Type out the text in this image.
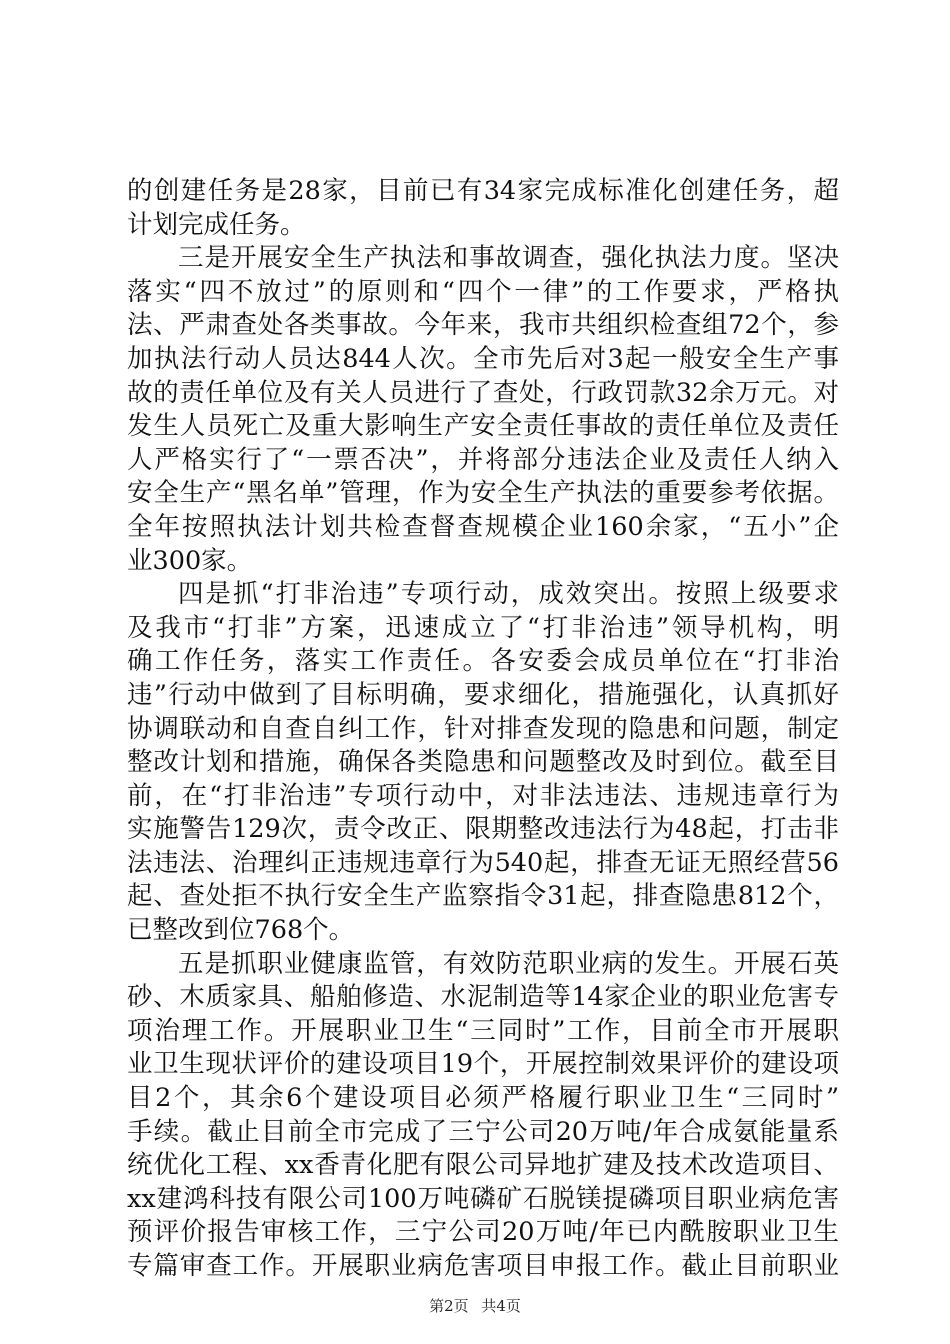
的创建任务是28家，目前已有34家完成标准化创建任务，超
计划完成任务。
三是开展安全生产执法和事故调查，强化执法力度。坚决
落实“四不放过”的原则和“四个一律”的工作要求，严格执
法、严肃查处各类事故。今年来，我市共组织检查组72个，参
加执法行动人员达844人次。全市先后对3起一般安全生产事
故的责任单位及有关人员进行了查处，行政罚款32余万元。对
发生人员死亡及重大影响生产安全责任事故的责任单位及责任
人严格实行了“一票否决”，并将部分违法企业及责任人纳入
安全生产“黑名单”管理，作为安全生产执法的重要参考依据。
全年按照执法计划共检查督查规模企业160余家，“五小”企
业300家。
四是抓“打非治违”专项行动，成效突出。按照上级要求
及我市“打非”方案，迅速成立了“打非治违”领导机构，明
确工作任务，落实工作责任。各安委会成员单位在“打非治
违”行动中做到了目标明确，要求细化，措施强化，认真抓好
协调联动和自查自纠工作，针对排查发现的隐患和问题，制定
整改计划和措施，确保各类隐患和问题整改及时到位。截至目
前，在“打非治违”专项行动中，对非法违法、违规违章行为
实施警告129次，责令改正、限期整改违法行为48起，打击非
法违法、治理纠正违规违章行为540起，排查无证无照经营56
起、查处拒不执行安全生产监察指令31起，排查隐患812个，
已整改到位768个。
五是抓职业健康监管，有效防范职业病的发生。开展石英
砂、木质家具、船舶修造、水泥制造等14家企业的职业危害专
项治理工作。开展职业卫生“三同时”工作，目前全市开展职
业卫生现状评价的建设项目19个，开展控制效果评价的建设项
目2个，其余6个建设项目必须严格履行职业卫生“三同时”
手续。截止目前全市完成了三宁公司20万吨/年合成氨能量系
统优化工程、xx香青化肥有限公司异地扩建及技术改造项目、
xx建鸿科技有限公司100万吨磷矿石脱镁提磷项目职业病危害
预评价报告审核工作，三宁公司20万吨/年已内酰胺职业卫生
专篇审查工作。开展职业病危害项目申报工作。截止目前职业
第2页 共4页
